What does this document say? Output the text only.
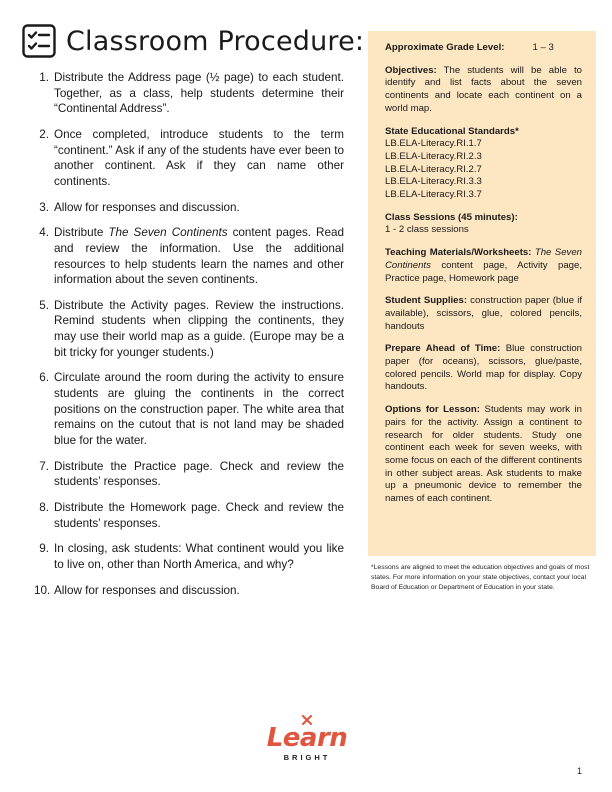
Classroom Procedure:
1. Distribute the Address page (½ page) to each student. Together, as a class, help students determine their “Continental Address”.
2. Once completed, introduce students to the term “continent.” Ask if any of the students have ever been to another continent. Ask if they can name other continents.
3. Allow for responses and discussion.
4. Distribute The Seven Continents content pages. Read and review the information. Use the additional resources to help students learn the names and other information about the seven continents.
5. Distribute the Activity pages. Review the instructions. Remind students when clipping the continents, they may use their world map as a guide. (Europe may be a bit tricky for younger students.)
6. Circulate around the room during the activity to ensure students are gluing the continents in the correct positions on the construction paper. The white area that remains on the cutout that is not land may be shaded blue for the water.
7. Distribute the Practice page. Check and review the students’ responses.
8. Distribute the Homework page. Check and review the students’ responses.
9. In closing, ask students: What continent would you like to live on, other than North America, and why?
10. Allow for responses and discussion.
Approximate Grade Level:	1 – 3
Objectives: The students will be able to identify and list facts about the seven continents and locate each continent on a world map.
State Educational Standards*
LB.ELA-Literacy.RI.1.7
LB.ELA-Literacy.RI.2.3
LB.ELA-Literacy.RI.2.7
LB.ELA-Literacy.RI.3.3
LB.ELA-Literacy.RI.3.7
Class Sessions (45 minutes):
1 - 2 class sessions
Teaching Materials/Worksheets: The Seven Continents content page, Activity page, Practice page, Homework page
Student Supplies: construction paper (blue if available), scissors, glue, colored pencils, handouts
Prepare Ahead of Time: Blue construction paper (for oceans), scissors, glue/paste, colored pencils. World map for display. Copy handouts.
Options for Lesson: Students may work in pairs for the activity. Assign a continent to research for older students. Study one continent each week for seven weeks, with some focus on each of the different continents in other subject areas. Ask students to make up a pneumonic device to remember the names of each continent.
*Lessons are aligned to meet the education objectives and goals of most states. For more information on your state objectives, contact your local Board of Education or Department of Education in your state.
Learn
BRIGHT
1
